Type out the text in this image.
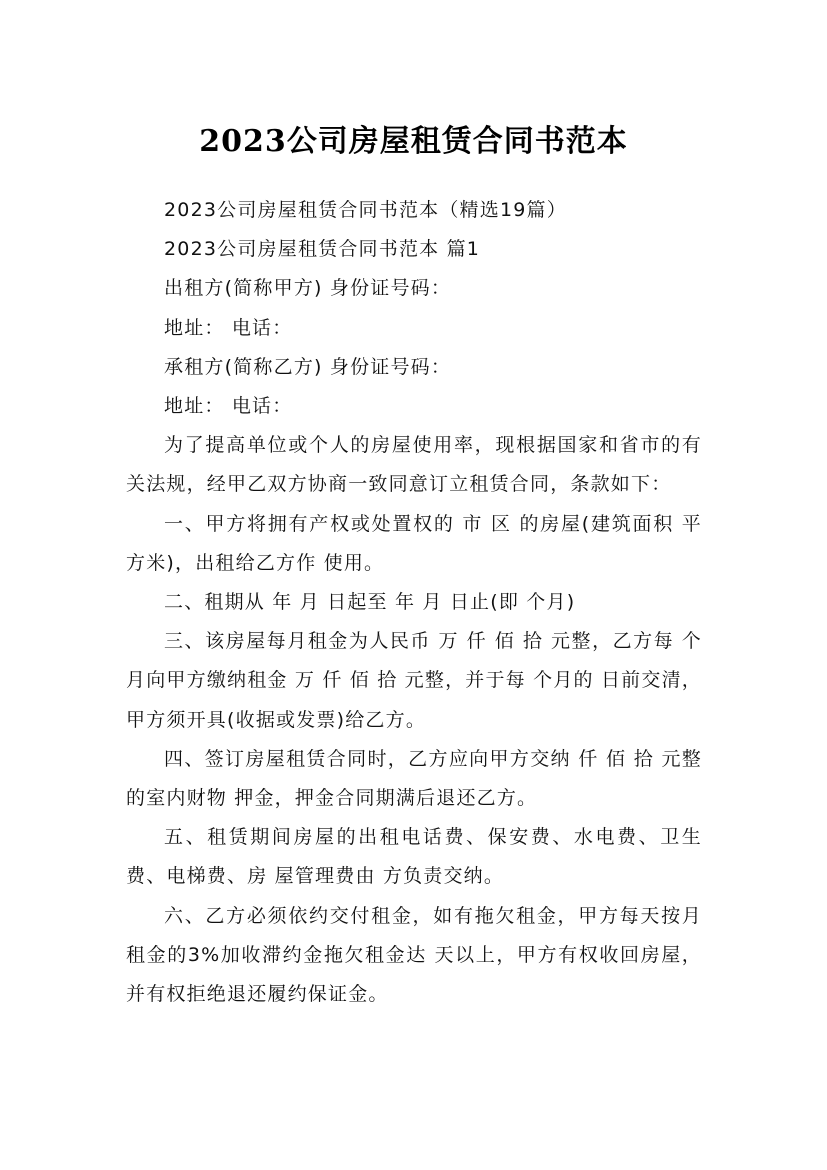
2023公司房屋租赁合同书范本

2023公司房屋租赁合同书范本（精选19篇）

2023公司房屋租赁合同书范本 篇1

出租方(简称甲方) 身份证号码：

地址： 电话：

承租方(简称乙方) 身份证号码：

地址： 电话：

为了提高单位或个人的房屋使用率，现根据国家和省市的有关法规，经甲乙双方协商一致同意订立租赁合同，条款如下：

一、甲方将拥有产权或处置权的 市 区 的房屋(建筑面积 平方米)，出租给乙方作 使用。

二、租期从 年 月 日起至 年 月 日止(即 个月)

三、该房屋每月租金为人民币 万 仟 佰 拾 元整，乙方每 个月向甲方缴纳租金 万 仟 佰 拾 元整，并于每 个月的 日前交清，甲方须开具(收据或发票)给乙方。

四、签订房屋租赁合同时，乙方应向甲方交纳 仟 佰 拾 元整的室内财物 押金，押金合同期满后退还乙方。

五、租赁期间房屋的出租电话费、保安费、水电费、卫生费、电梯费、房 屋管理费由 方负责交纳。

六、乙方必须依约交付租金，如有拖欠租金，甲方每天按月租金的3%加收滞约金拖欠租金达 天以上，甲方有权收回房屋，并有权拒绝退还履约保证金。
